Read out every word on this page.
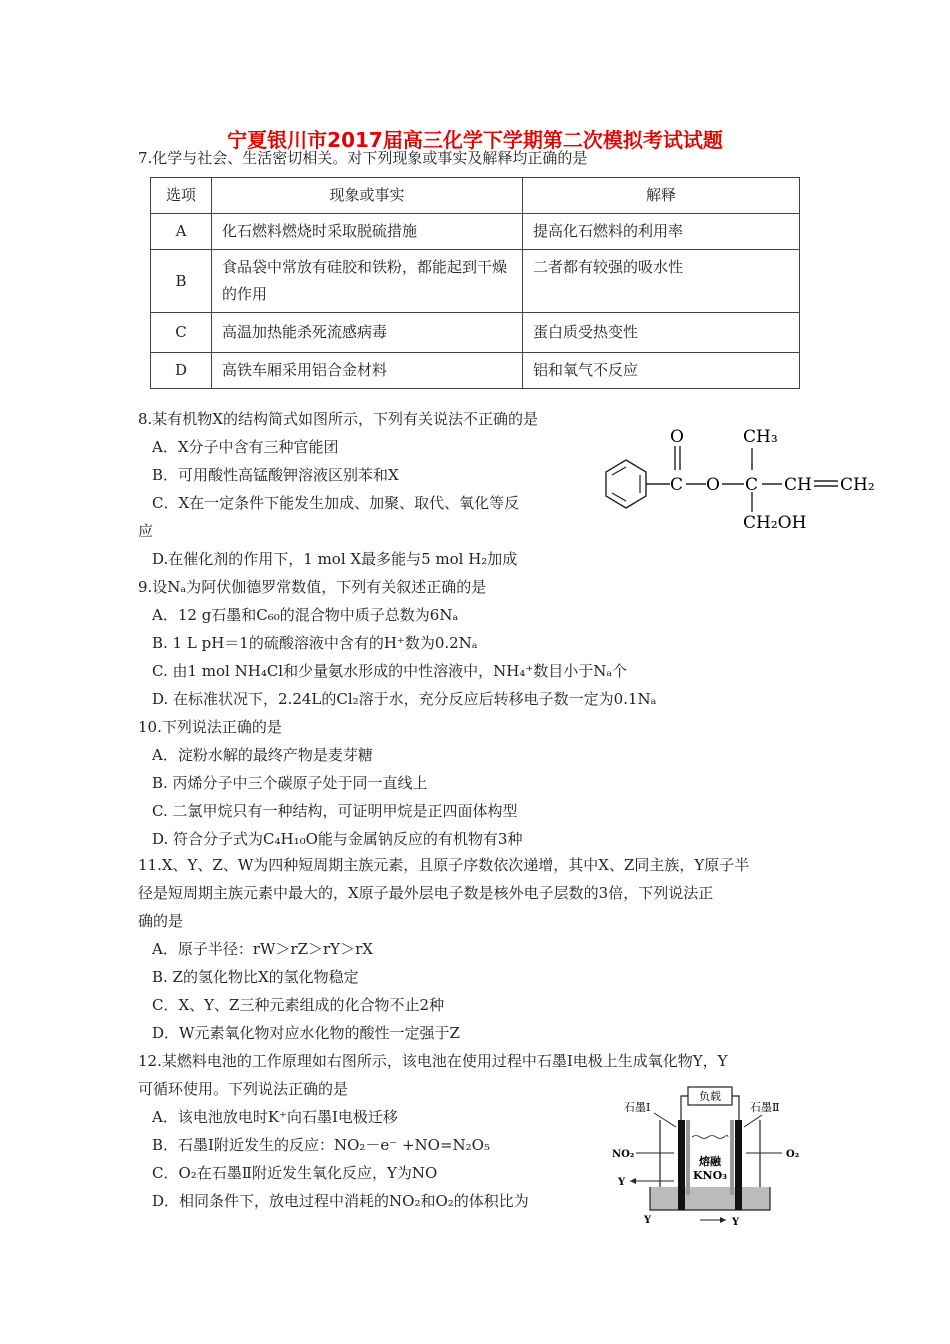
宁夏银川市2017届高三化学下学期第二次模拟考试试题
7.化学与社会、生活密切相关。对下列现象或事实及解释均正确的是
选项	现象或事实	解释
A	化石燃料燃烧时采取脱硫措施	提高化石燃料的利用率
B	食品袋中常放有硅胶和铁粉，都能起到干燥的作用	二者都有较强的吸水性
C	高温加热能杀死流感病毒	蛋白质受热变性
D	高铁车厢采用铝合金材料	铝和氧气不反应
8.某有机物X的结构简式如图所示，下列有关说法不正确的是
A．X分子中含有三种官能团
B．可用酸性高锰酸钾溶液区别苯和X
C．X在一定条件下能发生加成、加聚、取代、氧化等反
应
D.在催化剂的作用下，1 mol X最多能与5 mol H₂加成
C
O
O C
CH₃
CH₂OH
CH CH₂
9.设Nₐ为阿伏伽德罗常数值，下列有关叙述正确的是
A．12 g石墨和C₆₀的混合物中质子总数为6Nₐ
B. 1 L pH＝1的硫酸溶液中含有的H⁺数为0.2Nₐ
C. 由1 mol NH₄Cl和少量氨水形成的中性溶液中，NH₄⁺数目小于Nₐ个
D. 在标准状况下，2.24L的Cl₂溶于水，充分反应后转移电子数一定为0.1Nₐ
10.下列说法正确的是
A．淀粉水解的最终产物是麦芽糖
B. 丙烯分子中三个碳原子处于同一直线上
C. 二氯甲烷只有一种结构，可证明甲烷是正四面体构型
D. 符合分子式为C₄H₁₀O能与金属钠反应的有机物有3种
11.X、Y、Z、W为四种短周期主族元素，且原子序数依次递增，其中X、Z同主族，Y原子半
径是短周期主族元素中最大的，X原子最外层电子数是核外电子层数的3倍，下列说法正
确的是
A．原子半径：rW＞rZ＞rY＞rX
B. Z的氢化物比X的氢化物稳定
C．X、Y、Z三种元素组成的化合物不止2种
D．W元素氧化物对应水化物的酸性一定强于Z
12.某燃料电池的工作原理如右图所示，该电池在使用过程中石墨Ⅰ电极上生成氧化物Y，Y
可循环使用。下列说法正确的是
A．该电池放电时K⁺向石墨Ⅰ电极迁移
B．石墨Ⅰ附近发生的反应：NO₂－e⁻ +NO=N₂O₅
C．O₂在石墨Ⅱ附近发生氧化反应，Y为NO
D．相同条件下，放电过程中消耗的NO₂和O₂的体积比为
负载
石墨Ⅰ	石墨Ⅱ
熔融
KNO₃
NO₂	O₂
Y
Y	Y
